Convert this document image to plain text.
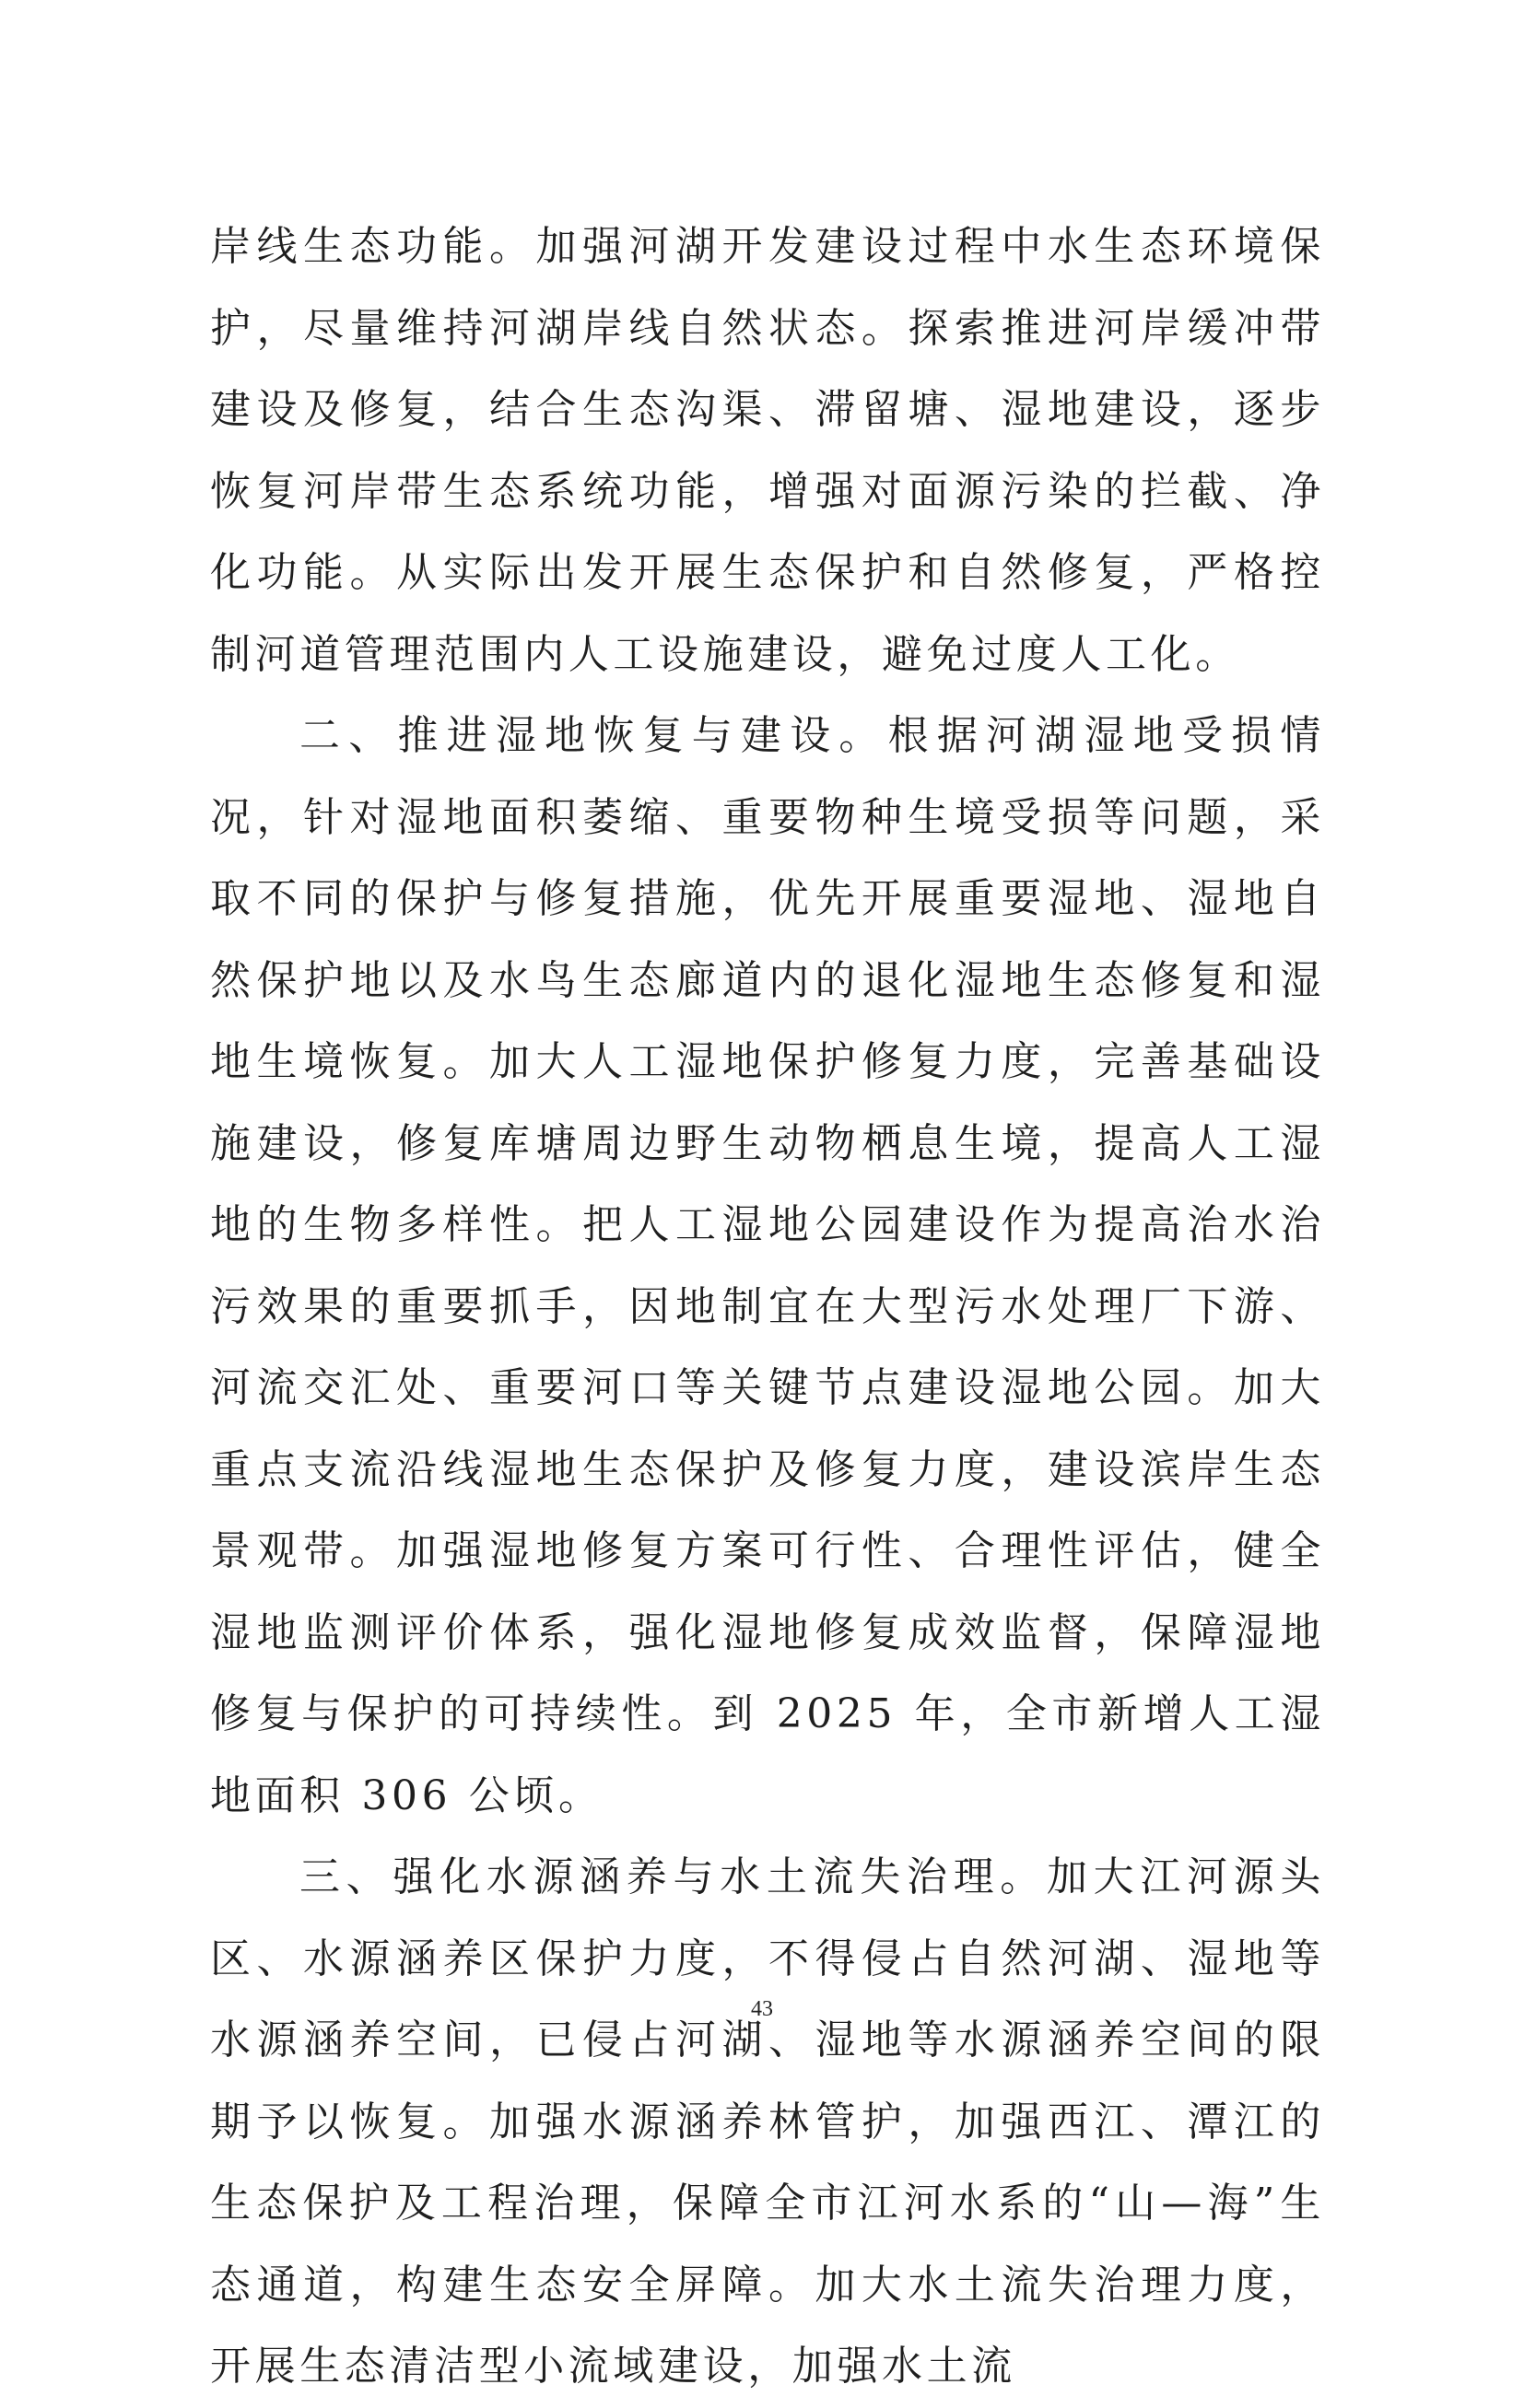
岸线生态功能。加强河湖开发建设过程中水生态环境保护，尽量维持河湖岸线自然状态。探索推进河岸缓冲带建设及修复，结合生态沟渠、滞留塘、湿地建设，逐步恢复河岸带生态系统功能，增强对面源污染的拦截、净化功能。从实际出发开展生态保护和自然修复，严格控制河道管理范围内人工设施建设，避免过度人工化。

二、推进湿地恢复与建设。根据河湖湿地受损情况，针对湿地面积萎缩、重要物种生境受损等问题，采取不同的保护与修复措施，优先开展重要湿地、湿地自然保护地以及水鸟生态廊道内的退化湿地生态修复和湿地生境恢复。加大人工湿地保护修复力度，完善基础设施建设，修复库塘周边野生动物栖息生境，提高人工湿地的生物多样性。把人工湿地公园建设作为提高治水治污效果的重要抓手，因地制宜在大型污水处理厂下游、河流交汇处、重要河口等关键节点建设湿地公园。加大重点支流沿线湿地生态保护及修复力度，建设滨岸生态景观带。加强湿地修复方案可行性、合理性评估，健全湿地监测评价体系，强化湿地修复成效监督，保障湿地修复与保护的可持续性。到 2025 年，全市新增人工湿地面积 306 公顷。

三、强化水源涵养与水土流失治理。加大江河源头区、水源涵养区保护力度，不得侵占自然河湖、湿地等水源涵养空间，已侵占河湖、湿地等水源涵养空间的限期予以恢复。加强水源涵养林管护，加强西江、潭江的生态保护及工程治理，保障全市江河水系的“山—海”生态通道，构建生态安全屏障。加大水土流失治理力度，开展生态清洁型小流域建设，加强水土流

43
